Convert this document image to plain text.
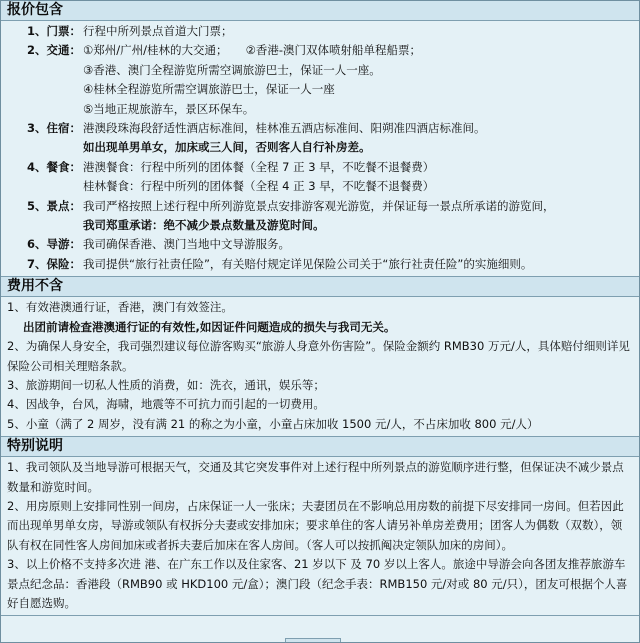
报价包含
1、门票： 行程中所列景点首道大门票；
2、交通： ①郑州/广州/桂林的大交通； ②香港-澳门双体喷射船单程船票；
③香港、澳门全程游览所需空调旅游巴士，保证一人一座。
④桂林全程游览所需空调旅游巴士，保证一人一座
⑤当地正规旅游车，景区环保车。
3、住宿： 港澳段珠海段舒适性酒店标准间，桂林准五酒店标准间、阳朔准四酒店标准间。
如出现单男单女，加床或三人间，否则客人自行补房差。
4、餐食： 港澳餐食：行程中所列的团体餐（全程 7 正 3 早，不吃餐不退餐费）
桂林餐食：行程中所列的团体餐（全程 4 正 3 早，不吃餐不退餐费）
5、景点： 我司严格按照上述行程中所列游览景点安排游客观光游览，并保证每一景点所承诺的游览间，
我司郑重承诺：绝不减少景点数量及游览时间。
6、导游： 我司确保香港、澳门当地中文导游服务。
7、保险： 我司提供“旅行社责任险”，有关赔付规定详见保险公司关于“旅行社责任险”的实施细则。
费用不含

1、有效港澳通行证，香港，澳门有效签注。

出团前请检查港澳通行证的有效性,如因证件问题造成的损失与我司无关。

2、为确保人身安全，我司强烈建议每位游客购买“旅游人身意外伤害险”。保险金额约 RMB30 万元/人，具体赔付细则详见保险公司相关理赔条款。

3、旅游期间一切私人性质的消费，如：洗衣，通讯，娱乐等；

4、因战争，台风，海啸，地震等不可抗力而引起的一切费用。

5、小童（满了 2 周岁，没有满 21 的称之为小童，小童占床加收 1500 元/人，不占床加收 800 元/人）

特别说明

1、我司领队及当地导游可根据天气，交通及其它突发事件对上述行程中所列景点的游览顺序进行整，但保证决不减少景点数量和游览时间。

2、用房原则上安排同性别一间房，占床保证一人一张床；夫妻团员在不影响总用房数的前提下尽安排同一房间。但若因此而出现单男单女房，导游或领队有权拆分夫妻或安排加床；要求单住的客人请另补单房差费用；团客人为偶数（双数），领队有权在同性客人房间加床或者拆夫妻后加床在客人房间。（客人可以按抓阄决定领队加床的房间）。

3、以上价格不支持多次进 港、在广东工作以及住家客、21 岁以下 及 70 岁以上客人。旅途中导游会向各团友推荐旅游车景点纪念品：香港段（RMB90 或 HKD100 元/盒）；澳门段（纪念手表：RMB150 元/对或 80 元/只），团友可根据个人喜好自愿选购。
